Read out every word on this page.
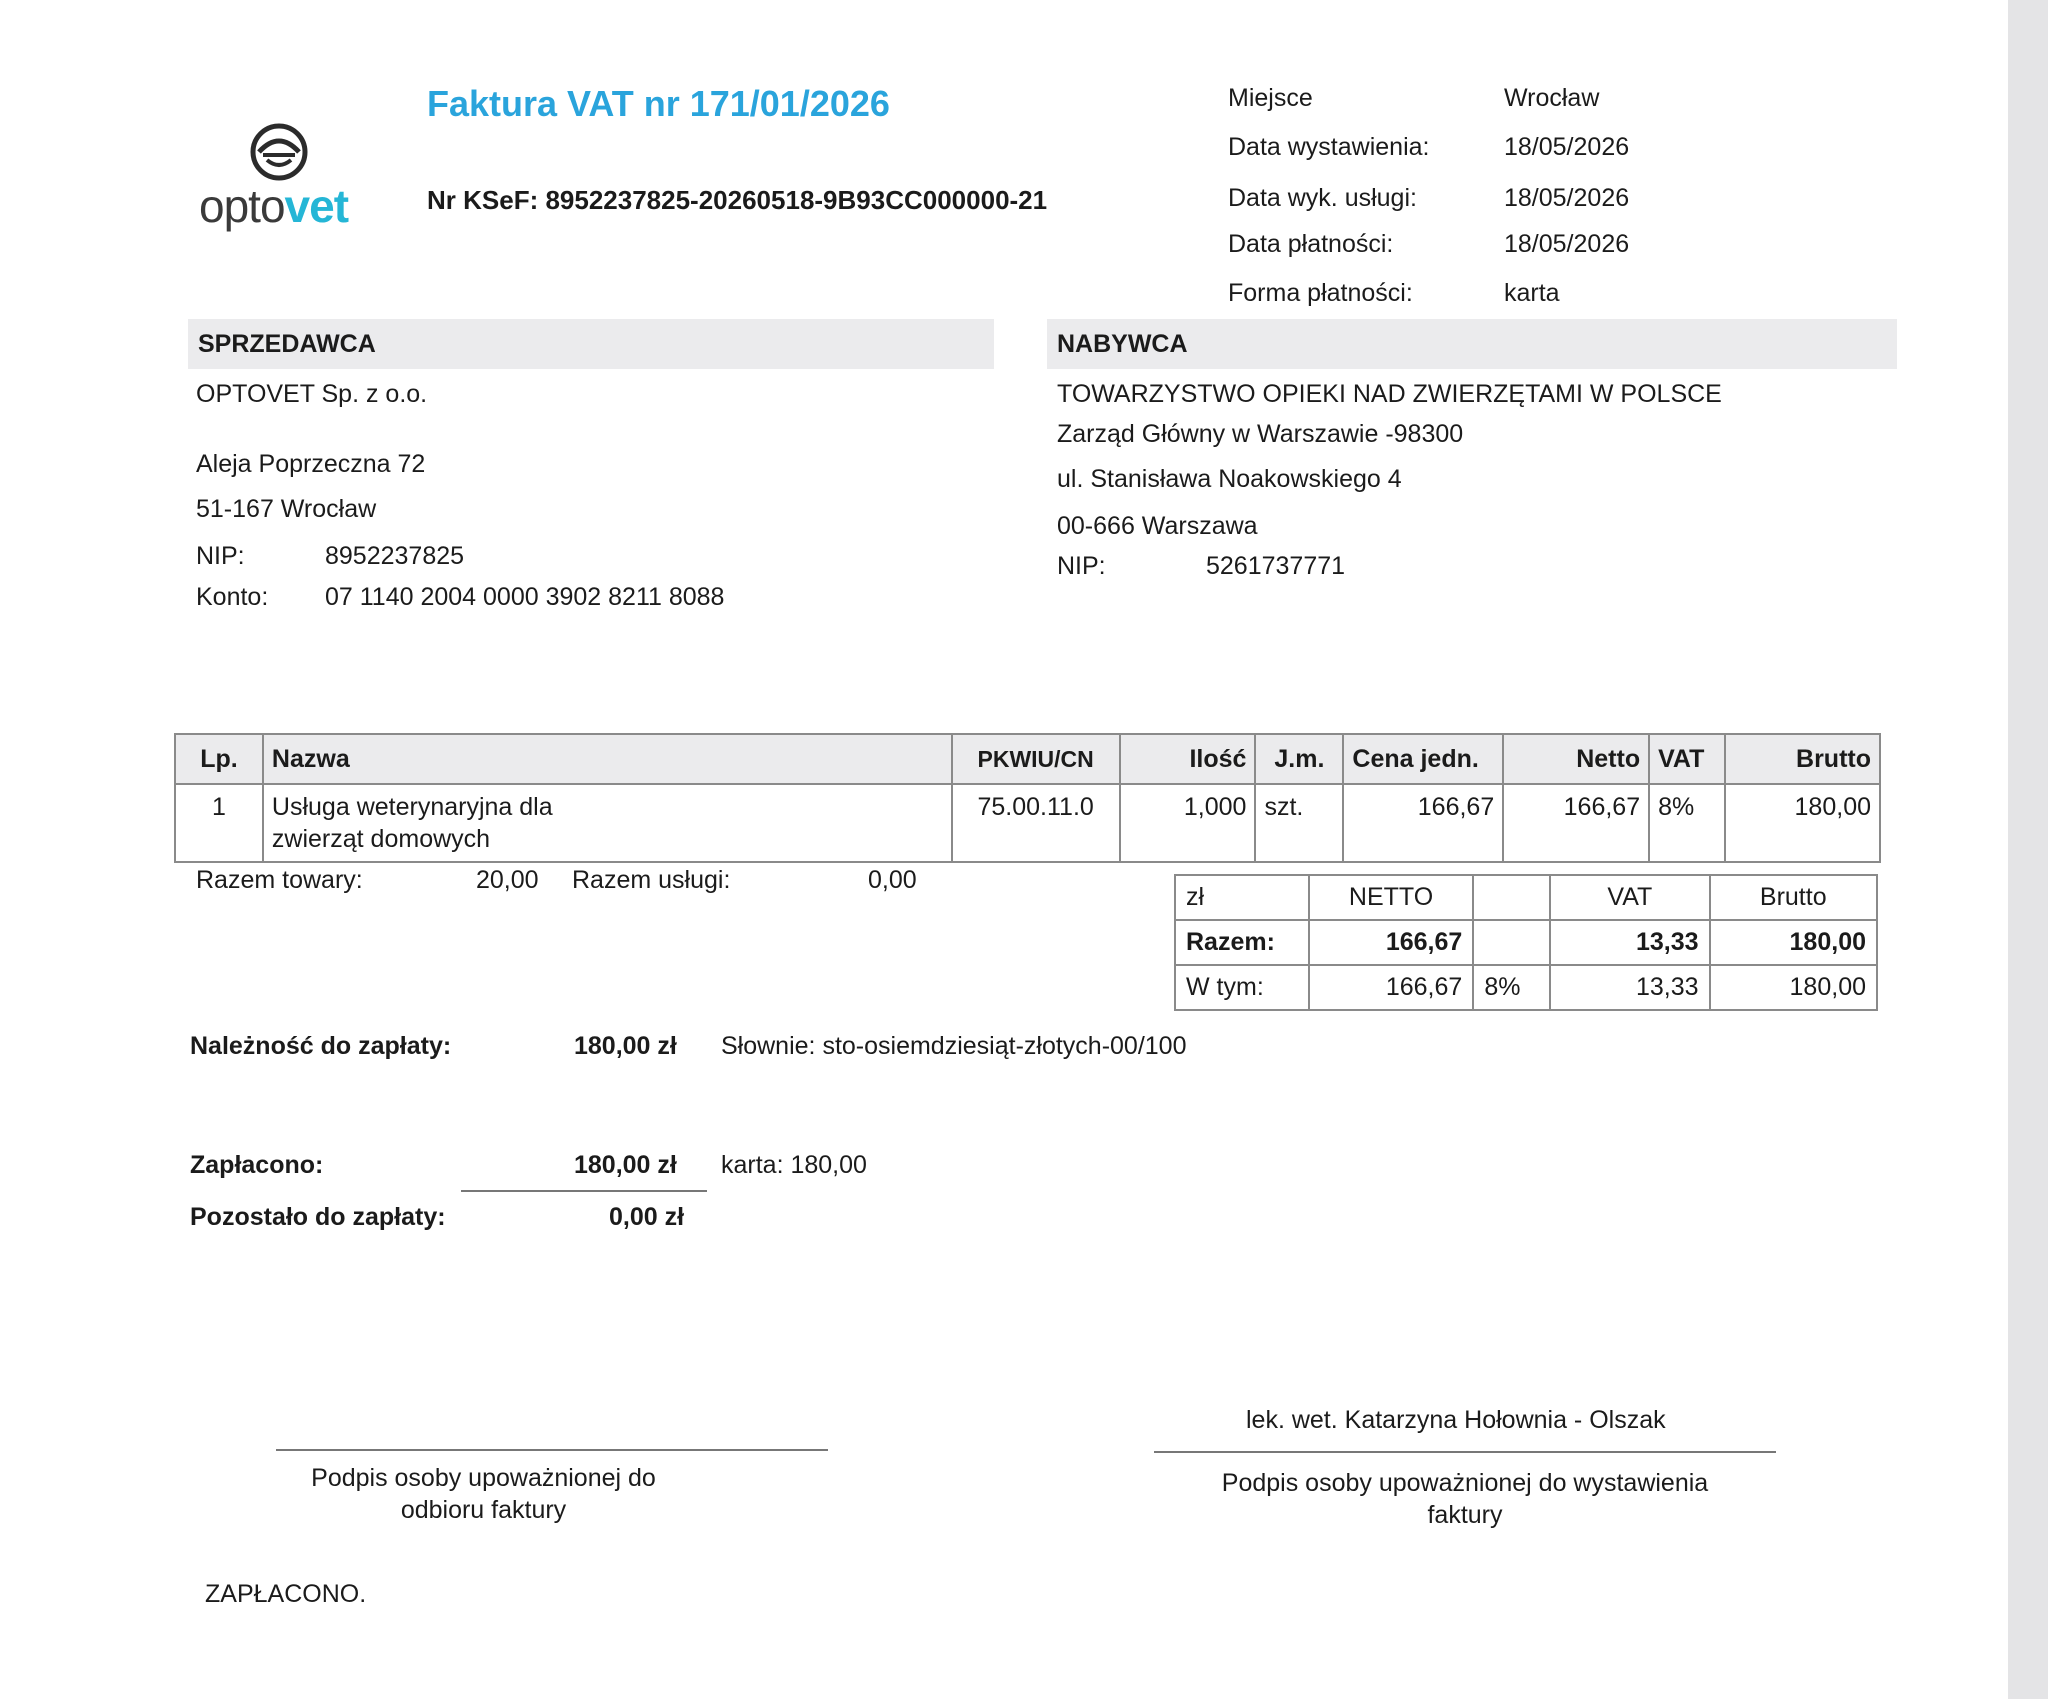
optovet
Faktura VAT nr 171/01/2026
Nr KSeF: 8952237825-20260518-9B93CC000000-21
Miejsce	Wrocław
Data wystawienia:	18/05/2026
Data wyk. usługi:	18/05/2026
Data płatności:	18/05/2026
Forma płatności:	karta
SPRZEDAWCA	NABYWCA
OPTOVET Sp. z o.o.
Aleja Poprzeczna 72
51-167 Wrocław
NIP:	8952237825
Konto: 07 1140 2004 0000 3902 8211 8088
TOWARZYSTWO OPIEKI NAD ZWIERZĘTAMI W POLSCE
Zarząd Główny w Warszawie -98300
ul. Stanisława Noakowskiego 4
00-666 Warszawa
NIP:	5261737771
Lp.	Nazwa	PKWIU/CN	Ilość	J.m.	Cena jedn.	Netto	VAT	Brutto
1	Usługa weterynaryjna dla
zwierząt domowych	75.00.11.0	1,000	szt.	166,67	166,67	8%	180,00
Razem towary:	20,00 Razem usługi:	0,00
zł	NETTO		VAT	Brutto
Razem:	166,67		13,33	180,00
W tym:	166,67	8%	13,33	180,00
Należność do zapłaty:	180,00 zł Słownie: sto-osiemdziesiąt-złotych-00/100
Zapłacono:	180,00 zł karta: 180,00
Pozostało do zapłaty:	0,00 zł
lek. wet. Katarzyna Hołownia - Olszak
Podpis osoby upoważnionej do
odbioru faktury
Podpis osoby upoważnionej do wystawienia
faktury
ZAPŁACONO.
